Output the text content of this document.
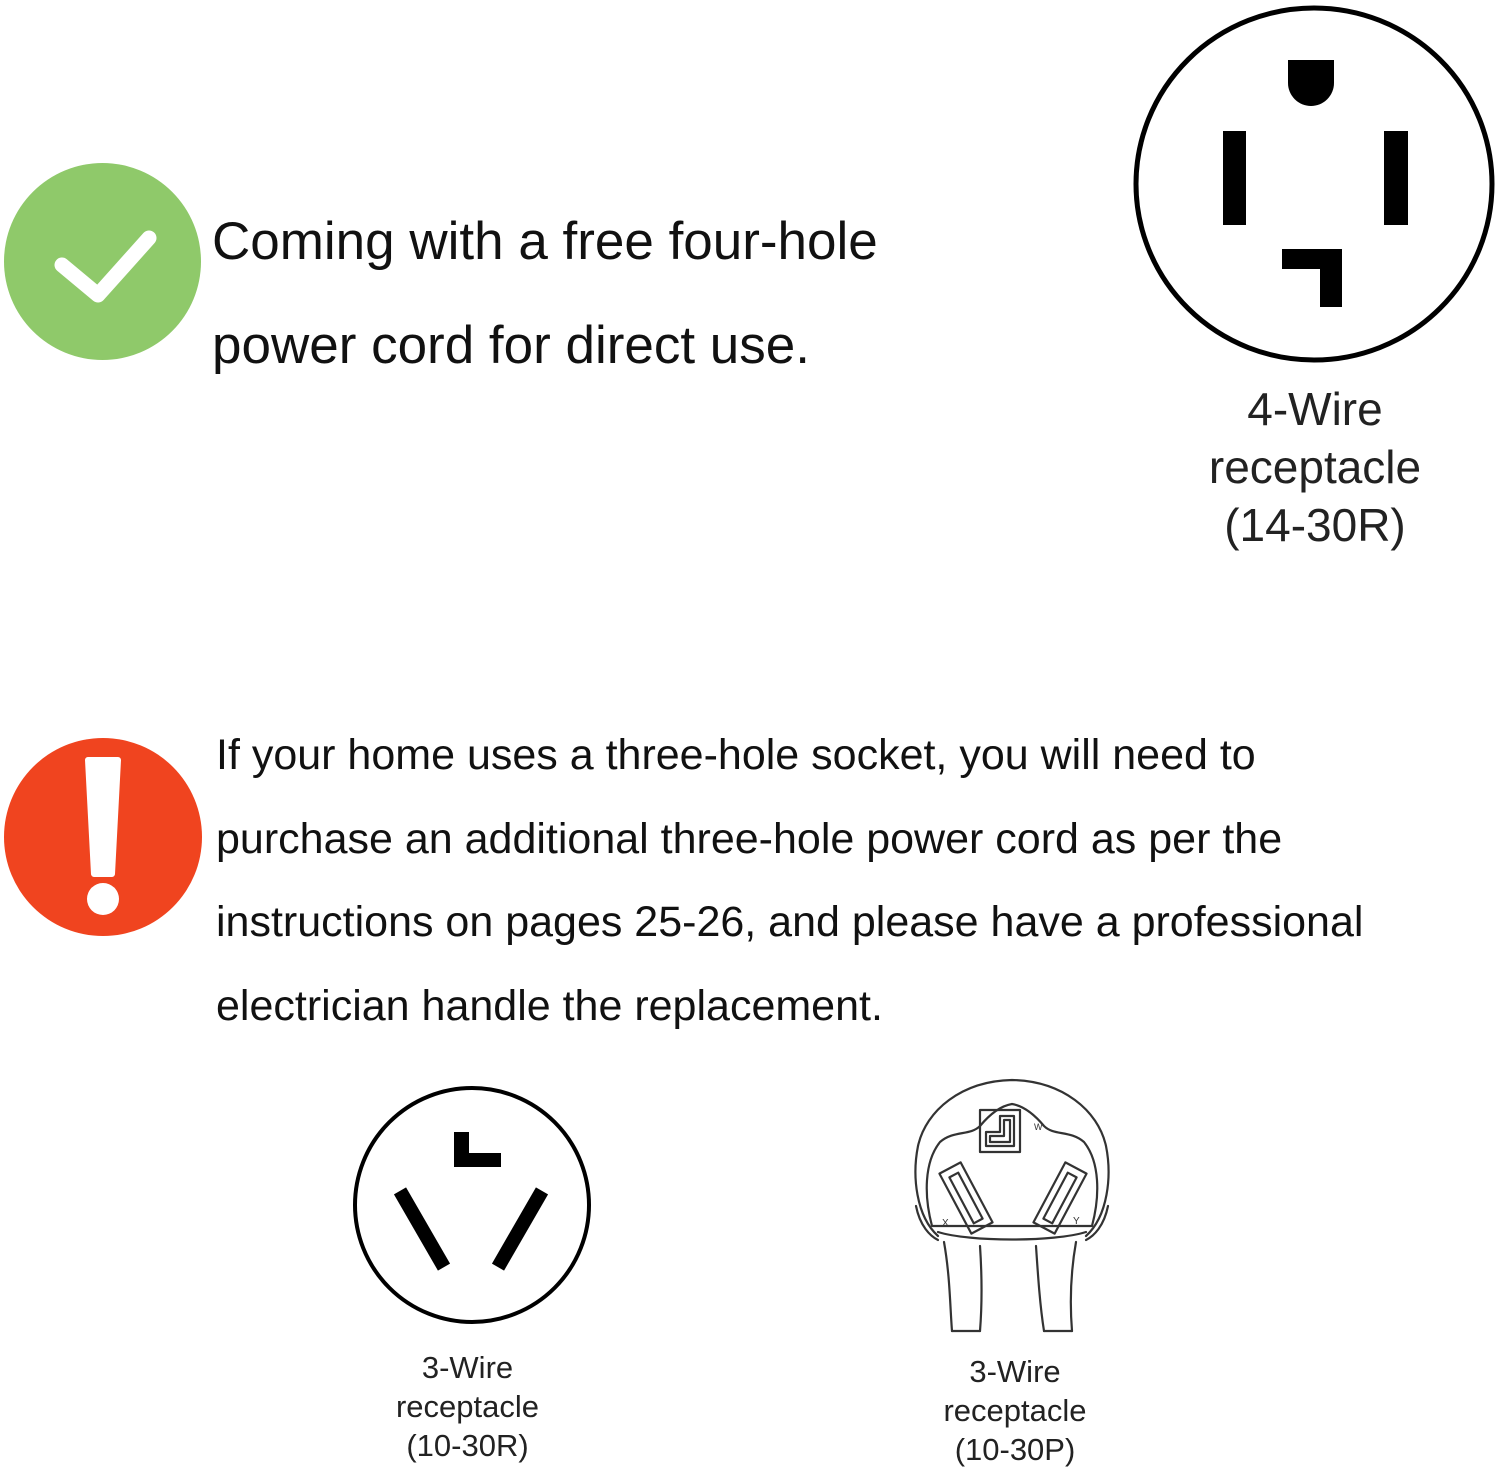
Coming with a free four-hole
power cord for direct use.
4-Wire
receptacle
(14-30R)
If your home uses a three-hole socket, you will need to
purchase an additional three-hole power cord as per the
instructions on pages 25-26, and please have a professional
electrician handle the replacement.
3-Wire
receptacle
(10-30R)
W
X	Y
3-Wire
receptacle
(10-30P)
